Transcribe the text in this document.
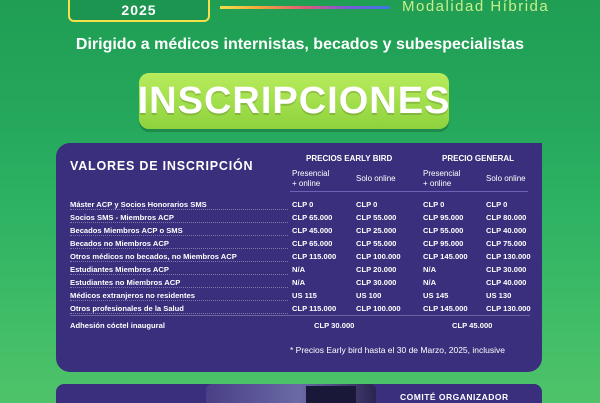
2025	Modalidad Híbrida
Dirigido a médicos internistas, becados y subespecialistas
INSCRIPCIONES
VALORES DE INSCRIPCIÓN
PRECIOS EARLY BIRD	PRECIO GENERAL
Presencial
+ online
Solo online
Presencial
+ online
Solo online
Máster ACP y Socios Honorarios SMS	CLP 0	CLP 0	CLP 0	CLP 0
Socios SMS - Miembros ACP	CLP 65.000	CLP 55.000	CLP 95.000	CLP 80.000
Becados Miembros ACP o SMS	CLP 45.000	CLP 25.000	CLP 55.000	CLP 40.000
Becados no Miembros ACP	CLP 65.000	CLP 55.000	CLP 95.000	CLP 75.000
Otros médicos no becados, no Miembros ACP	CLP 115.000	CLP 100.000	CLP 145.000 CLP 130.000
Estudiantes Miembros ACP	N/A	CLP 20.000	N/A	CLP 30.000
Estudiantes no Miembros ACP	N/A	CLP 30.000	N/A	CLP 40.000
Médicos extranjeros no residentes	US 115	US 100	US 145	US 130
Otros profesionales de la Salud	CLP 115.000	CLP 100.000	CLP 145.000 CLP 130.000
Adhesión cóctel inaugural	CLP 30.000	CLP 45.000
* Precios Early bird hasta el 30 de Marzo, 2025, inclusive
COMITÉ ORGANIZADOR
